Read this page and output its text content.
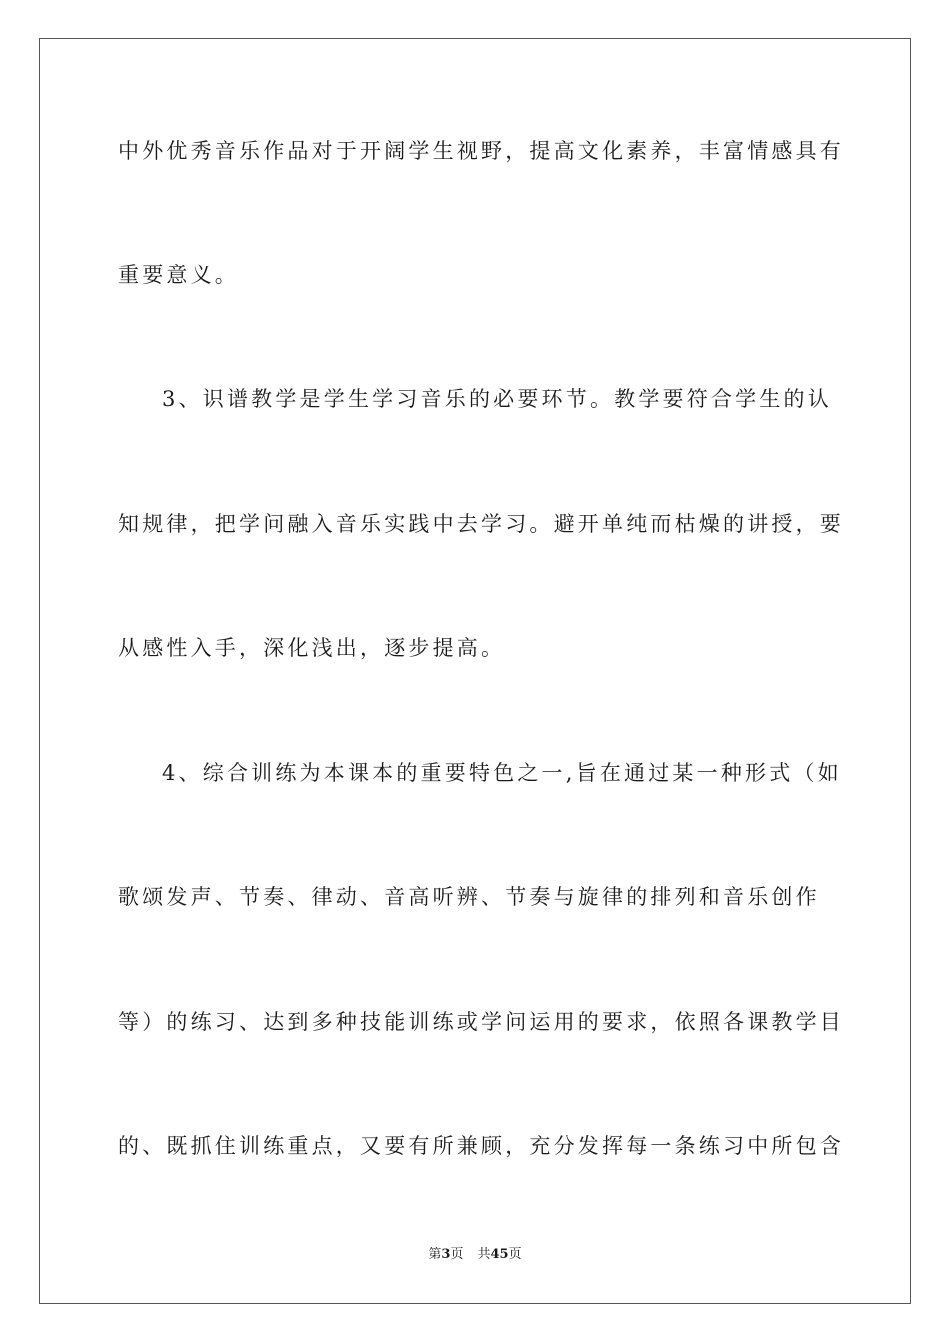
中外优秀音乐作品对于开阔学生视野，提高文化素养，丰富情感具有
重要意义。
3、识谱教学是学生学习音乐的必要环节。教学要符合学生的认
知规律，把学问融入音乐实践中去学习。避开单纯而枯燥的讲授，要
从感性入手，深化浅出，逐步提高。
4、综合训练为本课本的重要特色之一,旨在通过某一种形式（如
歌颂发声、节奏、律动、音高听辨、节奏与旋律的排列和音乐创作
等）的练习、达到多种技能训练或学问运用的要求，依照各课教学目
的、既抓住训练重点，又要有所兼顾，充分发挥每一条练习中所包含
第3页 共45页
